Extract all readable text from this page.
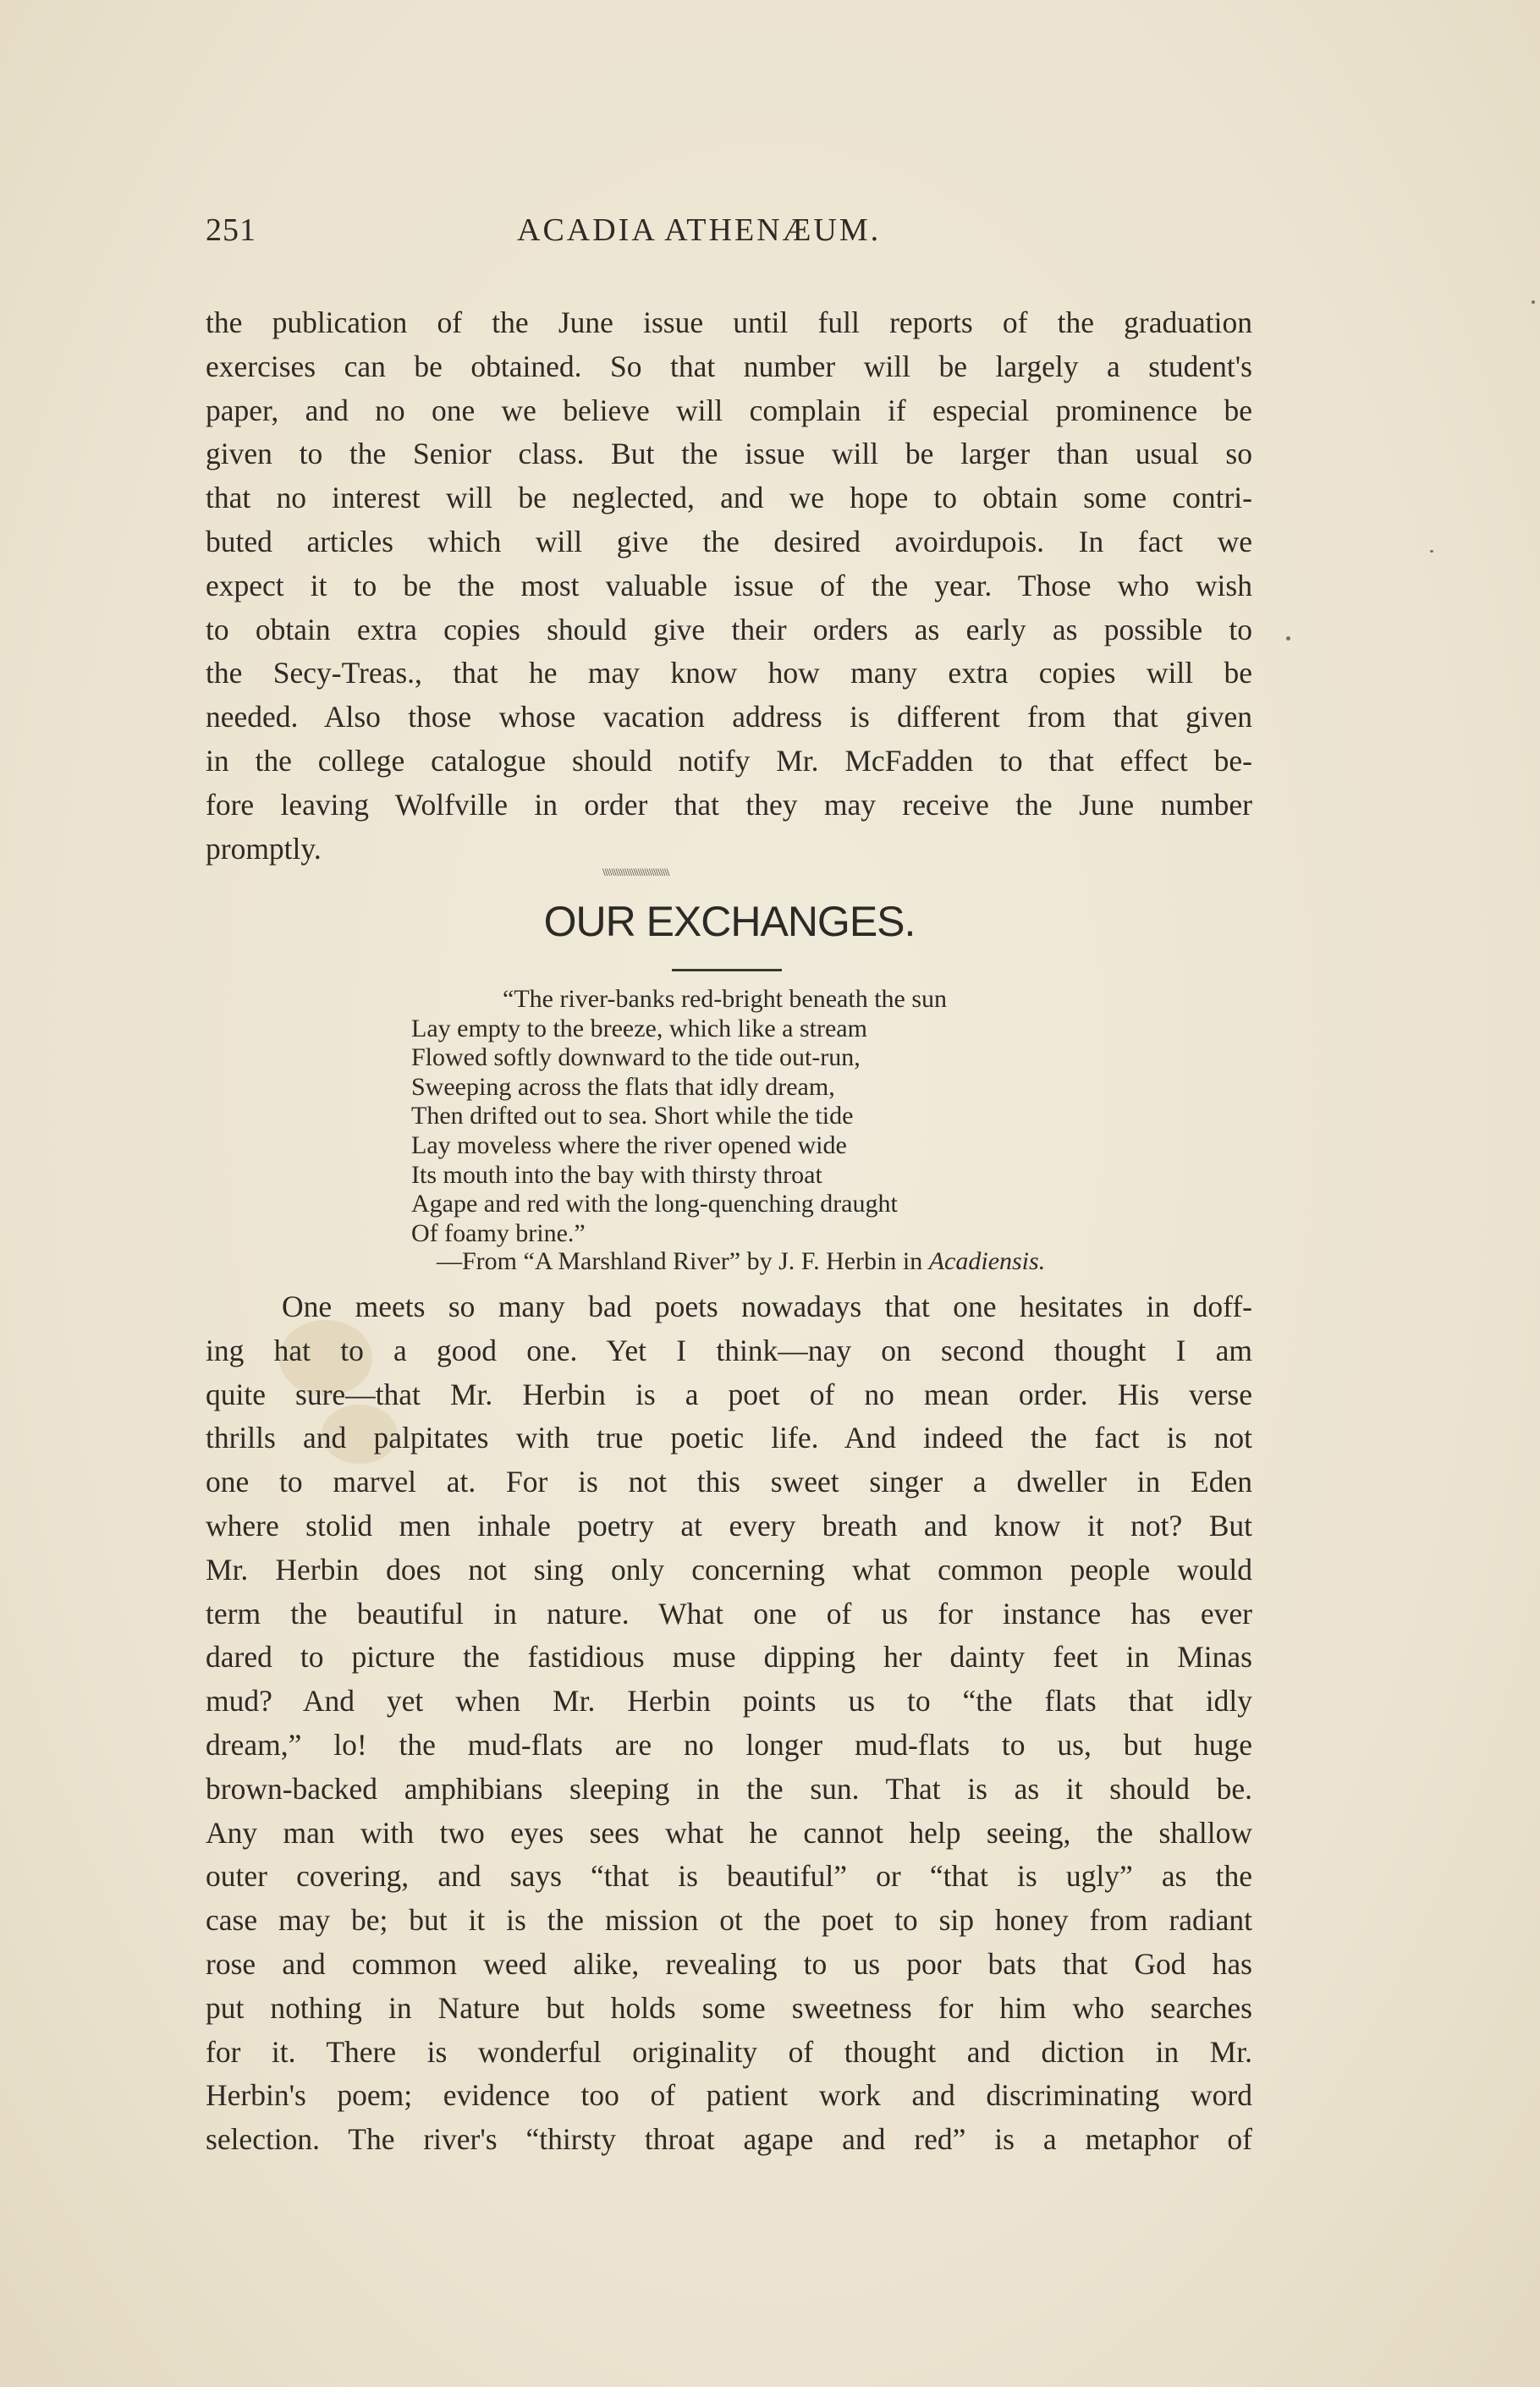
251	ACADIA ATHENÆUM.
the publication of the June issue until full reports of the graduation
exercises can be obtained. So that number will be largely a student's
paper, and no one we believe will complain if especial prominence be
given to the Senior class. But the issue will be larger than usual so
that no interest will be neglected, and we hope to obtain some contri-
buted articles which will give the desired avoirdupois. In fact we
expect it to be the most valuable issue of the year. Those who wish
to obtain extra copies should give their orders as early as possible to
the Secy-Treas., that he may know how many extra copies will be
needed. Also those whose vacation address is different from that given
in the college catalogue should notify Mr. McFadden to that effect be-
fore leaving Wolfville in order that they may receive the June number
promptly.
\\\\\\\\\\\\\\\\\\\\\\\\\\\\\\
OUR EXCHANGES.
“The river-banks red-bright beneath the sun
Lay empty to the breeze, which like a stream
Flowed softly downward to the tide out-run,
Sweeping across the flats that idly dream,
Then drifted out to sea. Short while the tide
Lay moveless where the river opened wide
Its mouth into the bay with thirsty throat
Agape and red with the long-quenching draught
Of foamy brine.”
—From “A Marshland River” by J. F. Herbin in Acadiensis.
One meets so many bad poets nowadays that one hesitates in doff-
ing hat to a good one. Yet I think—nay on second thought I am
quite sure—that Mr. Herbin is a poet of no mean order. His verse
thrills and palpitates with true poetic life. And indeed the fact is not
one to marvel at. For is not this sweet singer a dweller in Eden
where stolid men inhale poetry at every breath and know it not? But
Mr. Herbin does not sing only concerning what common people would
term the beautiful in nature. What one of us for instance has ever
dared to picture the fastidious muse dipping her dainty feet in Minas
mud? And yet when Mr. Herbin points us to “the flats that idly
dream,” lo! the mud-flats are no longer mud-flats to us, but huge
brown-backed amphibians sleeping in the sun. That is as it should be.
Any man with two eyes sees what he cannot help seeing, the shallow
outer covering, and says “that is beautiful” or “that is ugly” as the
case may be; but it is the mission ot the poet to sip honey from radiant
rose and common weed alike, revealing to us poor bats that God has
put nothing in Nature but holds some sweetness for him who searches
for it. There is wonderful originality of thought and diction in Mr.
Herbin's poem; evidence too of patient work and discriminating word
selection. The river's “thirsty throat agape and red” is a metaphor of
